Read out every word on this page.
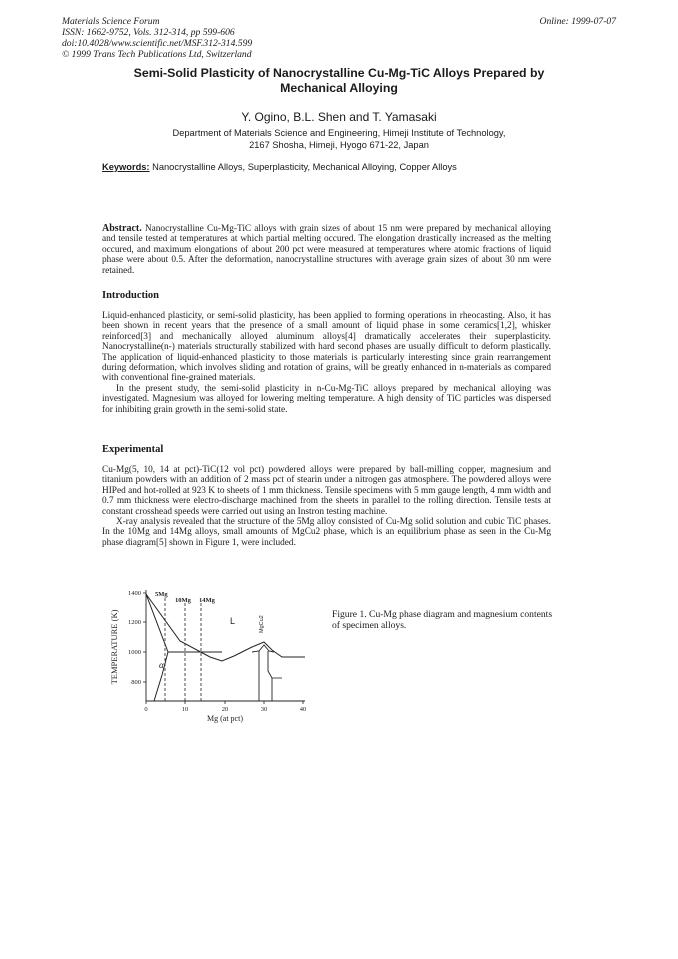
Materials Science Forum
ISSN: 1662-9752, Vols. 312-314, pp 599-606
doi:10.4028/www.scientific.net/MSF.312-314.599
© 1999 Trans Tech Publications Ltd, Switzerland
Online: 1999-07-07
Semi-Solid Plasticity of Nanocrystalline Cu-Mg-TiC Alloys Prepared by
Mechanical Alloying
Y. Ogino, B.L. Shen and T. Yamasaki
Department of Materials Science and Engineering, Himeji Institute of Technology,
2167 Shosha, Himeji, Hyogo 671-22, Japan
Keywords: Nanocrystalline Alloys, Superplasticity, Mechanical Alloying, Copper Alloys
Abstract. Nanocrystalline Cu-Mg-TiC alloys with grain sizes of about 15 nm were prepared by mechanical alloying and tensile tested at temperatures at which partial melting occured. The elongation drastically increased as the melting occured, and maximum elongations of about 200 pct were measured at temperatures where atomic fractions of liquid phase were about 0.5. After the deformation, nanocrystalline structures with average grain sizes of about 30 nm were retained.
Introduction
Liquid-enhanced plasticity, or semi-solid plasticity, has been applied to forming operations in rheocasting. Also, it has been shown in recent years that the presence of a small amount of liquid phase in some ceramics[1,2], whisker reinforced[3] and mechanically alloyed aluminum alloys[4] dramatically accelerates their superplasticity. Nanocrystalline(n-) materials structurally stabilized with hard second phases are usually difficult to deform plastically. The application of liquid-enhanced plasticity to those materials is particularly interesting since grain rearrangement during deformation, which involves sliding and rotation of grains, will be greatly enhanced in n-materials as compared with conventional fine-grained materials.
In the present study, the semi-solid plasticity in n-Cu-Mg-TiC alloys prepared by mechanical alloying was investigated. Magnesium was alloyed for lowering melting temperature. A high density of TiC particles was dispersed for inhibiting grain growth in the semi-solid state.
Experimental
Cu-Mg(5, 10, 14 at pct)-TiC(12 vol pct) powdered alloys were prepared by ball-milling copper, magnesium and titanium powders with an addition of 2 mass pct of stearin under a nitrogen gas atmosphere. The powdered alloys were HIPed and hot-rolled at 923 K to sheets of 1 mm thickness. Tensile specimens with 5 mm gauge length, 4 mm width and 0.7 mm thickness were electro-discharge machined from the sheets in parallel to the rolling direction. Tensile tests at constant crosshead speeds were carried out using an Instron testing machine.
X-ray analysis revealed that the structure of the 5Mg alloy consisted of Cu-Mg solid solution and cubic TiC phases. In the 10Mg and 14Mg alloys, small amounts of MgCu2 phase, which is an equilibrium phase as seen in the Cu-Mg phase diagram[5] shown in Figure 1, were included.
1400
1200
1000
800
0	10	20	30	40
Mg (at pct)
TEMPERATURE (K)
5Mg
10Mg 14Mg
L
α
MgCu2
Figure 1. Cu-Mg phase diagram and magnesium contents of specimen alloys.
